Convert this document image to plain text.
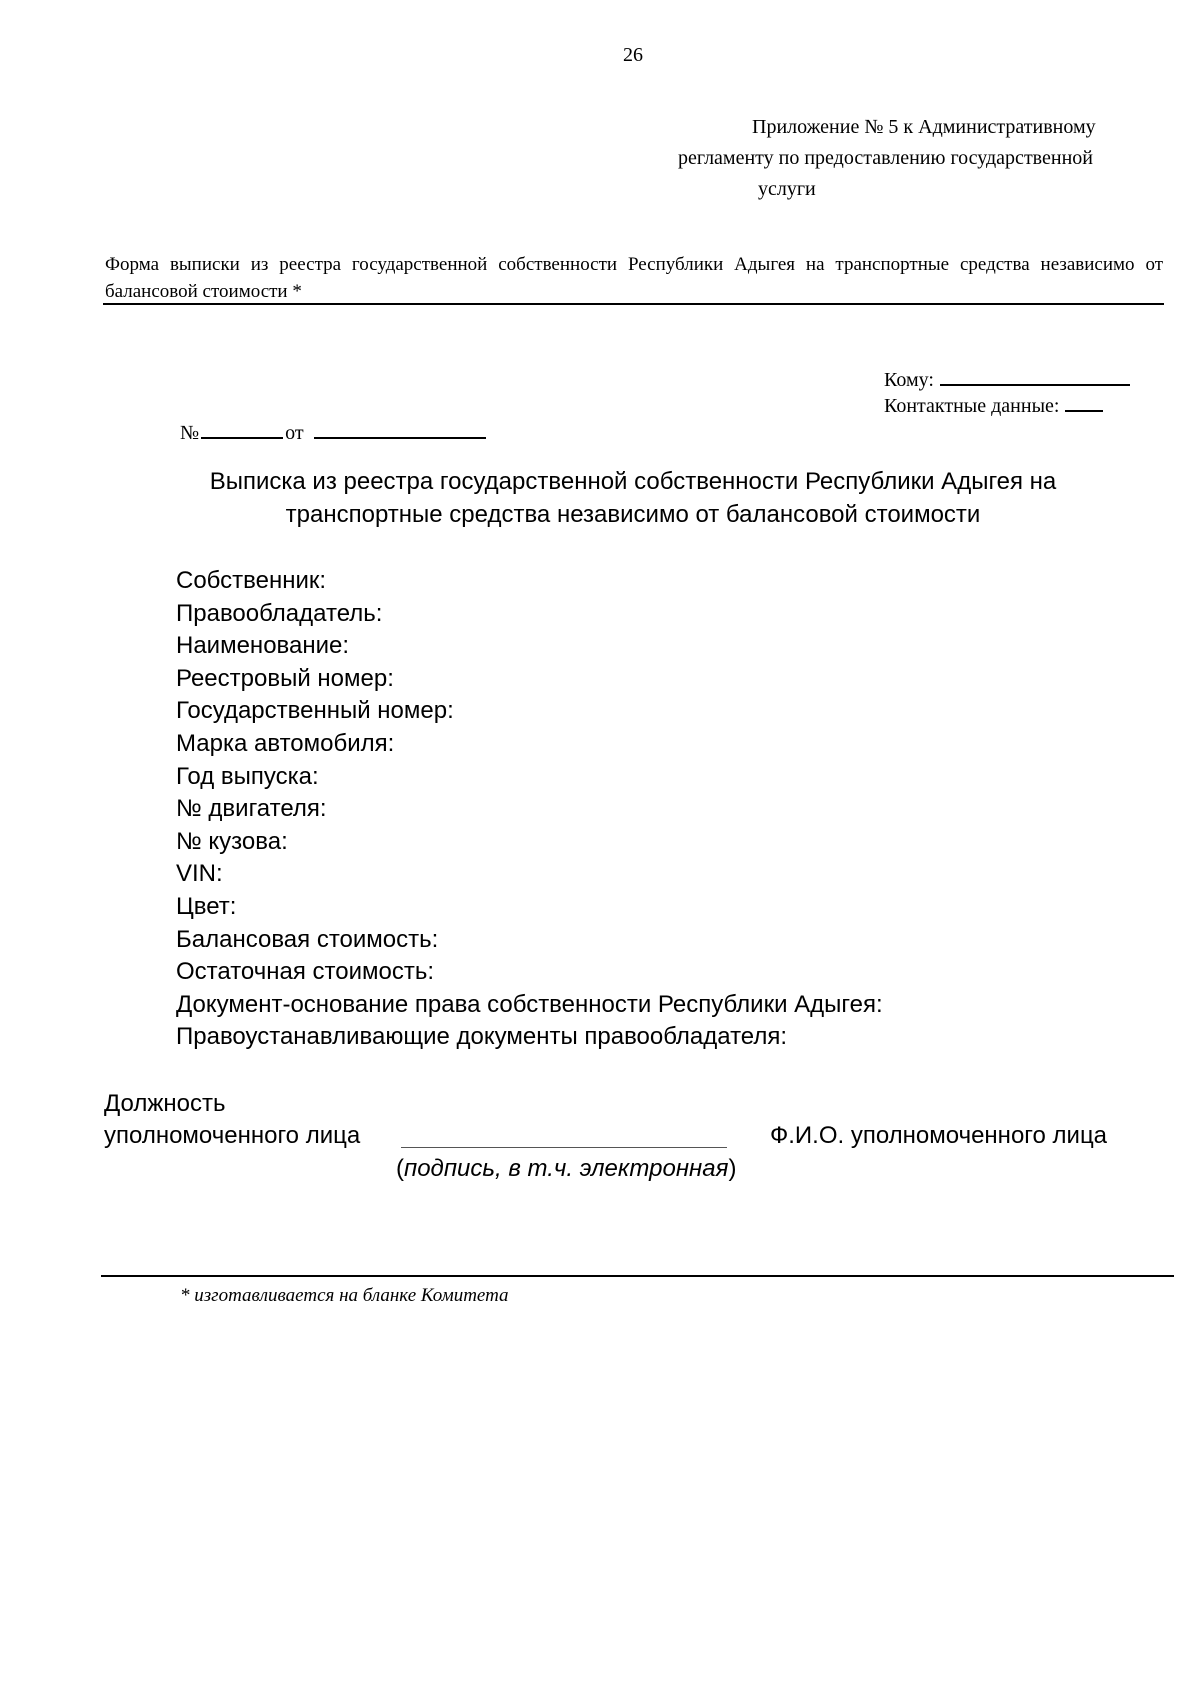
26
Приложение № 5 к Административному
регламенту по предоставлению государственной
услуги
Форма выписки из реестра государственной собственности Республики Адыгея на транспортные средства независимо от балансовой стоимости *
Кому:
Контактные данные:
№	от
Выписка из реестра государственной собственности Республики Адыгея на
транспортные средства независимо от балансовой стоимости
Собственник:
Правообладатель:
Наименование:
Реестровый номер:
Государственный номер:
Марка автомобиля:
Год выпуска:
№ двигателя:
№ кузова:
VIN:
Цвет:
Балансовая стоимость:
Остаточная стоимость:
Документ-основание права собственности Республики Адыгея:
Правоустанавливающие документы правообладателя:
Должность
уполномоченного лица	Ф.И.О. уполномоченного лица
(подпись, в т.ч. электронная)
* изготавливается на бланке Комитета
